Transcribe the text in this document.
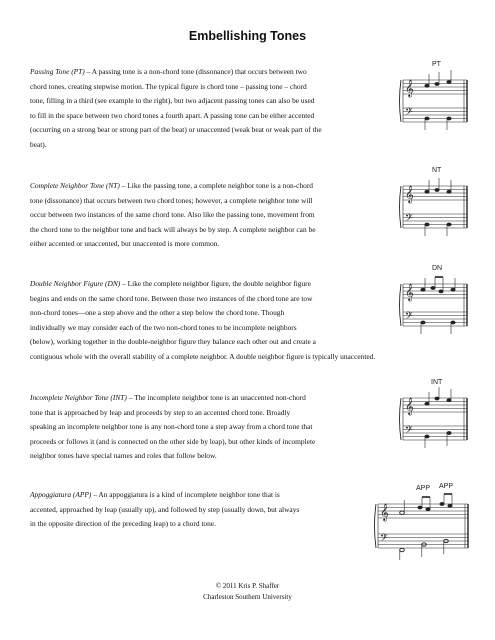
Embellishing Tones
Passing Tone (PT) – A passing tone is a non-chord tone (dissonance) that occurs between two
chord tones, creating stepwise motion. The typical figure is chord tone – passing tone – chord
tone, filling in a third (see example to the right), but two adjacent passing tones can also be used
to fill in the space between two chord tones a fourth apart. A passing tone can be either accented
(occurring on a strong beat or strong part of the beat) or unaccented (weak beat or weak part of the
beat).
𝄞
𝄢
PT
Complete Neighbor Tone (NT) – Like the passing tone, a complete neighbor tone is a non-chord
tone (dissonance) that occurs between two chord tones; however, a complete neighbor tone will
occur between two instances of the same chord tone. Also like the passing tone, movement from
the chord tone to the neighbor tone and back will always be by step. A complete neighbor can be
either accented or unaccented, but unaccented is more common.
𝄞
𝄢
NT
Double Neighbor Figure (DN) – Like the complete neighbor figure, the double neighbor figure
begins and ends on the same chord tone. Between those two instances of the chord tone are tow
non-chord tones—one a step above and the other a step below the chord tone. Though
individually we may consider each of the two non-chord tones to be incomplete neighbors
(below), working together in the double-neighbor figure they balance each other out and create a
contiguous whole with the overall stability of a complete neighbor. A double neighbor figure is typically unaccented.
𝄞
𝄢
DN
Incomplete Neighbor Tone (INT) – The incomplete neighbor tone is an unaccented non-chord
tone that is approached by leap and proceeds by step to an accented chord tone. Broadly
speaking an incomplete neighbor tone is any non-chord tone a step away from a chord tone that
proceeds or follows it (and is connected on the other side by leap), but other kinds of incomplete
neighbor tones have special names and roles that follow below.
𝄞
𝄢
INT
Appoggiatura (APP) – An appoggiatura is a kind of incomplete neighbor tone that is
accented, approached by leap (usually up), and followed by step (usually down, but always
in the opposite direction of the preceding leap) to a chord tone.
𝄞
𝄢
APP APP
© 2011 Kris P. Shaffer
Charleston Southern University
